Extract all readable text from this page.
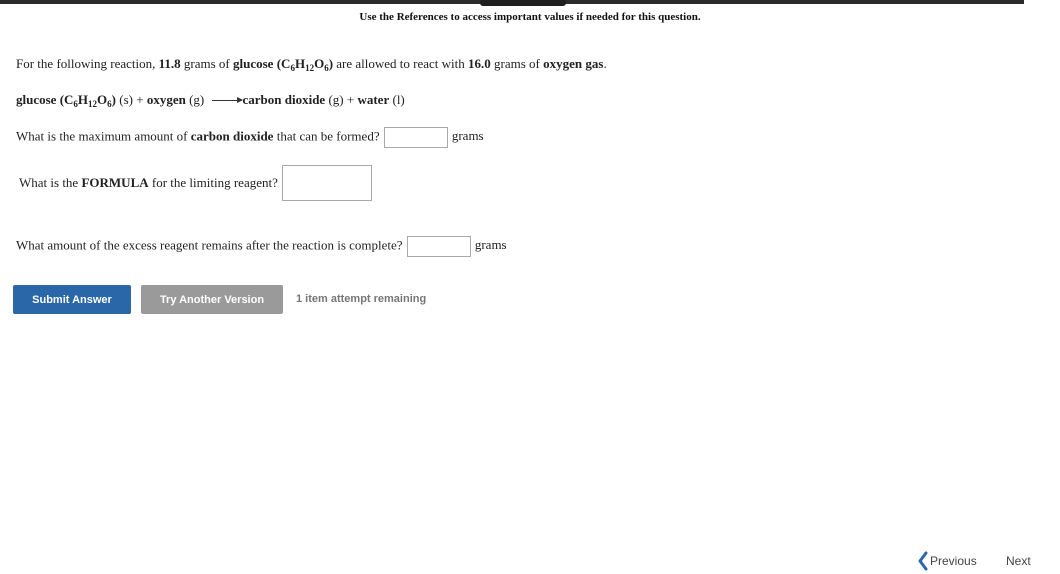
Use the References to access important values if needed for this question.
For the following reaction, 11.8 grams of glucose $(C_6H_{12}O_6)$ are allowed to react with 16.0 grams of oxygen gas.
glucose $(C_6H_{12}O_6) (s)$ + oxygen (g) →carbon dioxide (g) + water (l)
What is the maximum amount of carbon dioxide that can be formed?	grams
What is the FORMULA for the limiting reagent?
What amount of the excess reagent remains after the reaction is complete?	grams
Submit Answer	Try Another Version	1 item attempt remaining
Previous Next
